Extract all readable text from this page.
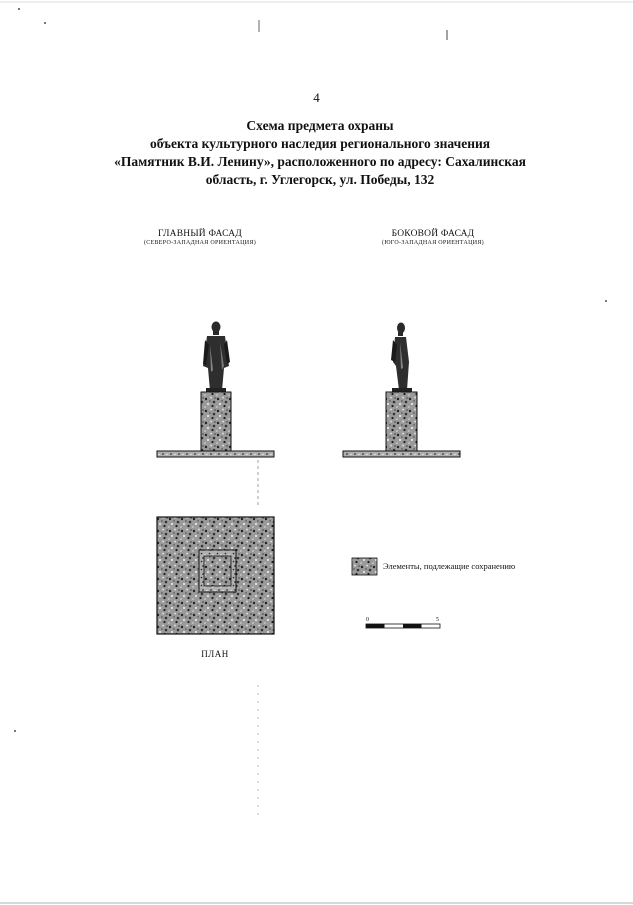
4
Схема предмета охраны
объекта культурного наследия регионального значения
«Памятник В.И. Ленину», расположенного по адресу: Сахалинская
область, г. Углегорск, ул. Победы, 132
ГЛАВНЫЙ ФАСАД
(СЕВЕРО-ЗАПАДНАЯ ОРИЕНТАЦИЯ)
БОКОВОЙ ФАСАД
(ЮГО-ЗАПАДНАЯ ОРИЕНТАЦИЯ)
Элементы, подлежащие сохранению
0	5
ПЛАН
